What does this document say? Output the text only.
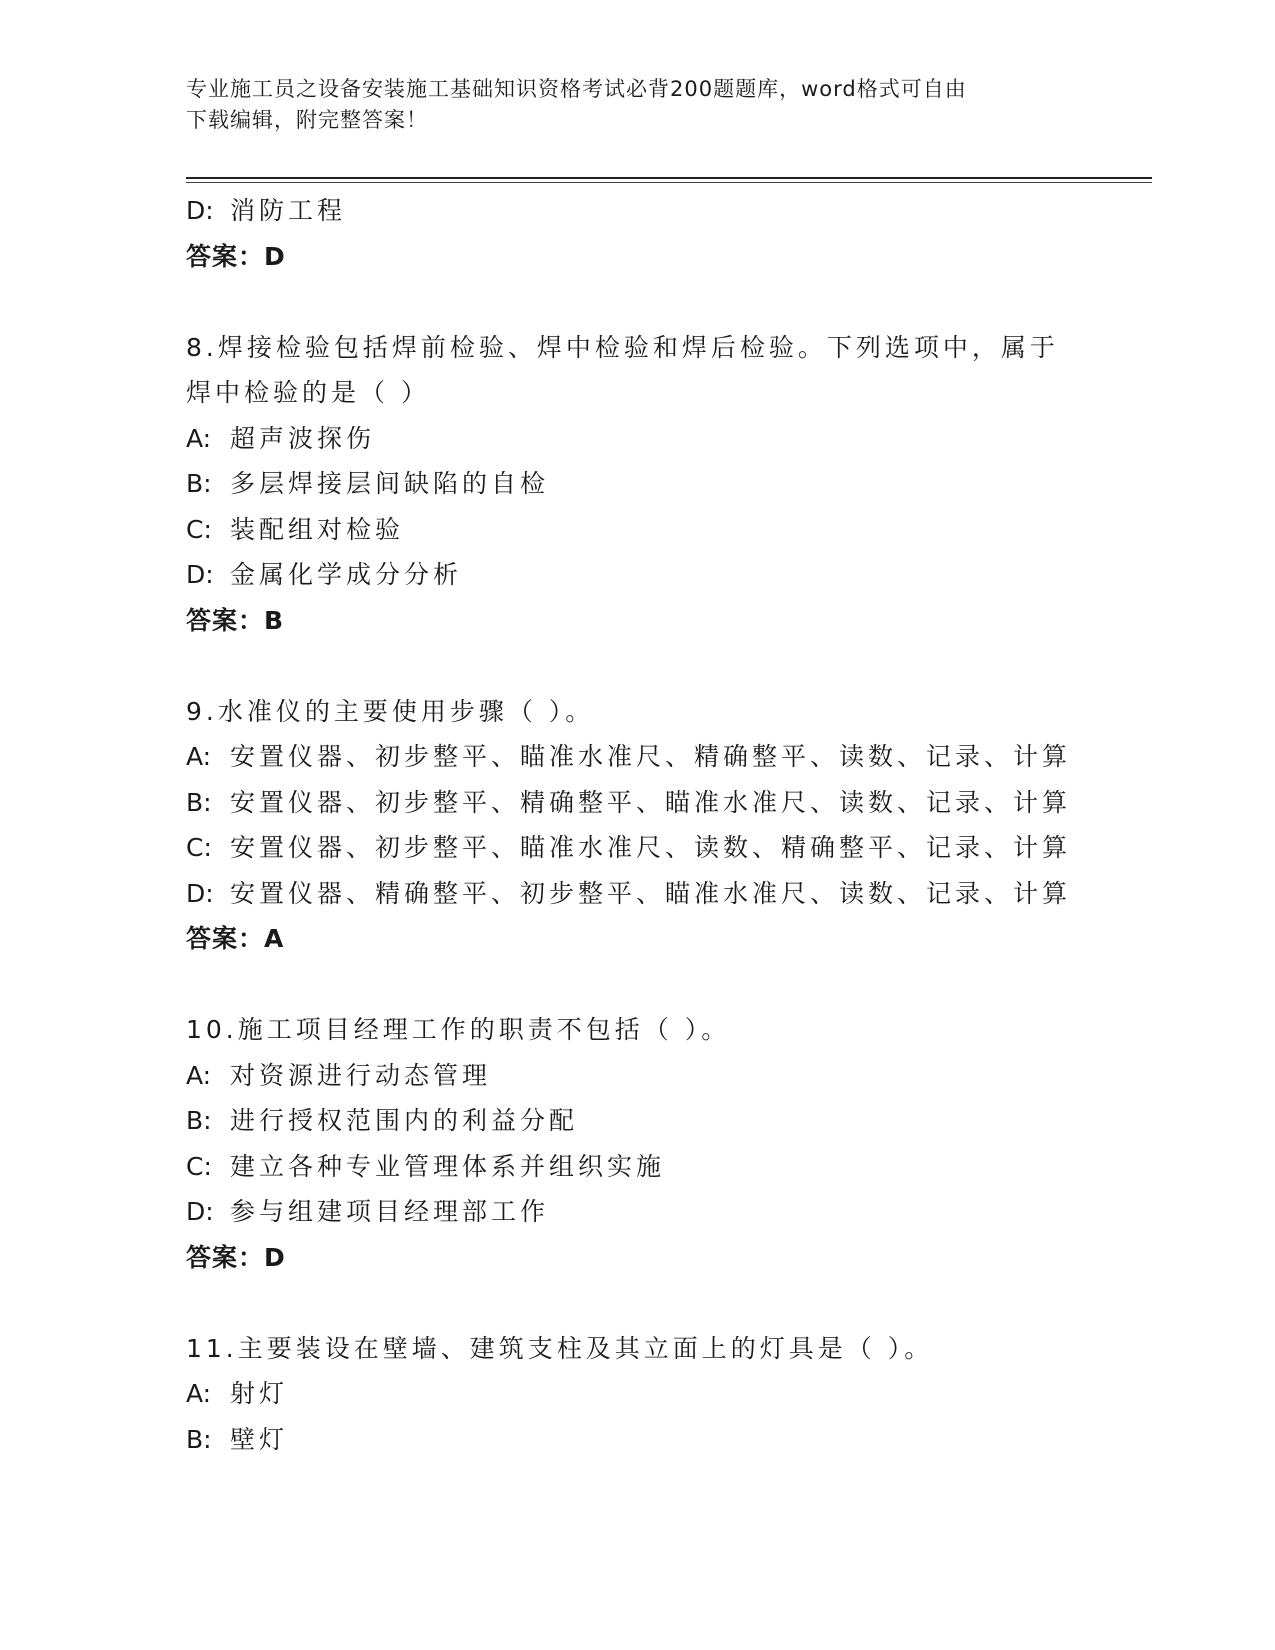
专业施工员之设备安装施工基础知识资格考试必背200题题库，word格式可自由
下载编辑，附完整答案！
D: 消防工程
答案：D
8.焊接检验包括焊前检验、焊中检验和焊后检验。下列选项中，属于
焊中检验的是（ ）
A: 超声波探伤
B: 多层焊接层间缺陷的自检
C: 装配组对检验
D: 金属化学成分分析
答案：B
9.水准仪的主要使用步骤（ ）。
A: 安置仪器、初步整平、瞄准水准尺、精确整平、读数、记录、计算
B: 安置仪器、初步整平、精确整平、瞄准水准尺、读数、记录、计算
C: 安置仪器、初步整平、瞄准水准尺、读数、精确整平、记录、计算
D: 安置仪器、精确整平、初步整平、瞄准水准尺、读数、记录、计算
答案：A
10.施工项目经理工作的职责不包括（ ）。
A: 对资源进行动态管理
B: 进行授权范围内的利益分配
C: 建立各种专业管理体系并组织实施
D: 参与组建项目经理部工作
答案：D
11.主要装设在壁墙、建筑支柱及其立面上的灯具是（ ）。
A: 射灯
B: 壁灯
